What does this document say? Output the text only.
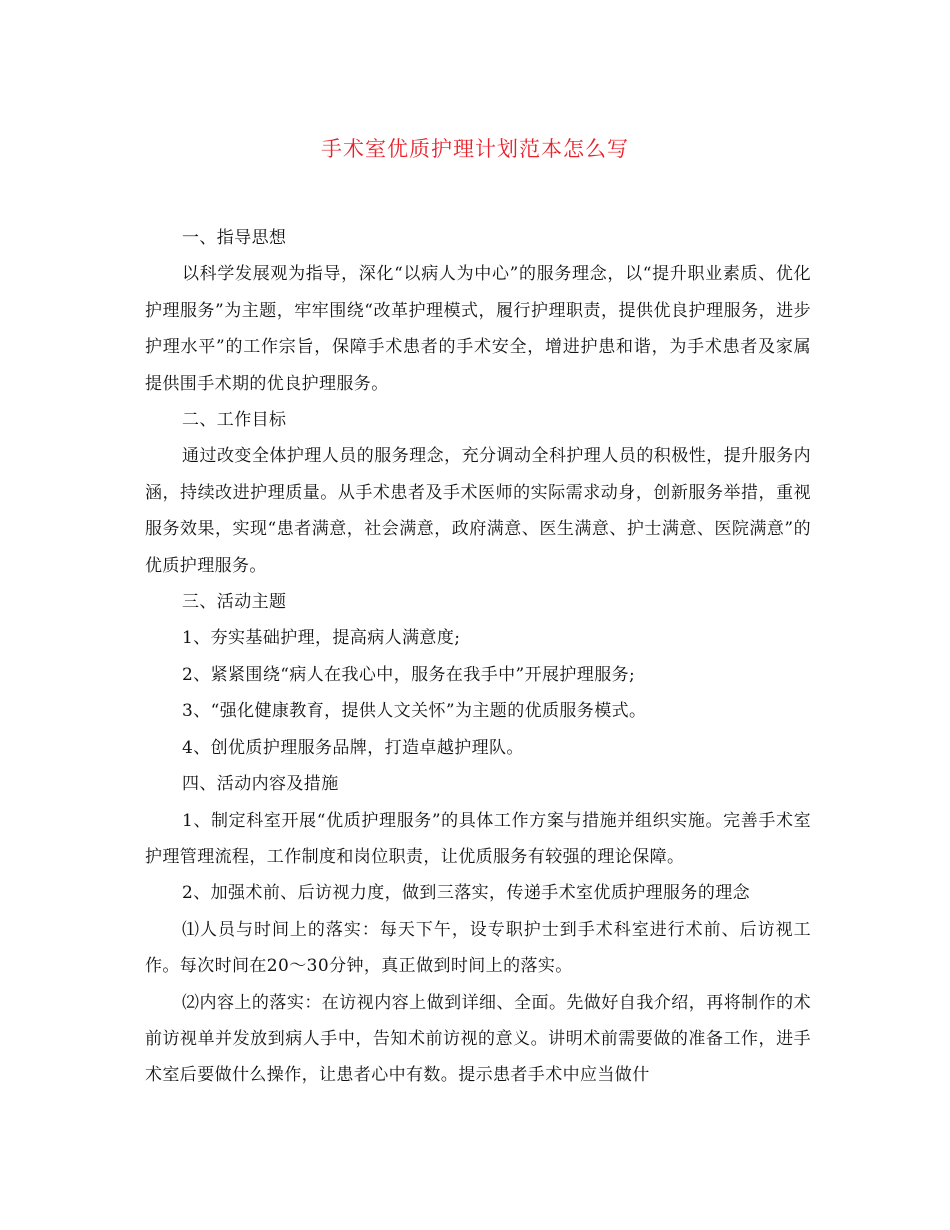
手术室优质护理计划范本怎么写

一、指导思想

以科学发展观为指导，深化“以病人为中心”的服务理念，以“提升职业素质、优化护理服务”为主题，牢牢围绕“改革护理模式，履行护理职责，提供优良护理服务，进步护理水平”的工作宗旨，保障手术患者的手术安全，增进护患和谐，为手术患者及家属提供围手术期的优良护理服务。

二、工作目标

通过改变全体护理人员的服务理念，充分调动全科护理人员的积极性，提升服务内涵，持续改进护理质量。从手术患者及手术医师的实际需求动身，创新服务举措，重视服务效果，实现“患者满意，社会满意，政府满意、医生满意、护士满意、医院满意”的优质护理服务。

三、活动主题

1、夯实基础护理，提高病人满意度;

2、紧紧围绕“病人在我心中，服务在我手中”开展护理服务;

3、“强化健康教育，提供人文关怀”为主题的优质服务模式。

4、创优质护理服务品牌，打造卓越护理队。

四、活动内容及措施

1、制定科室开展“优质护理服务”的具体工作方案与措施并组织实施。完善手术室护理管理流程，工作制度和岗位职责，让优质服务有较强的理论保障。

2、加强术前、后访视力度，做到三落实，传递手术室优质护理服务的理念

⑴人员与时间上的落实：每天下午，设专职护士到手术科室进行术前、后访视工作。每次时间在20～30分钟，真正做到时间上的落实。

⑵内容上的落实：在访视内容上做到详细、全面。先做好自我介绍，再将制作的术前访视单并发放到病人手中，告知术前访视的意义。讲明术前需要做的准备工作，进手术室后要做什么操作，让患者心中有数。提示患者手术中应当做什
